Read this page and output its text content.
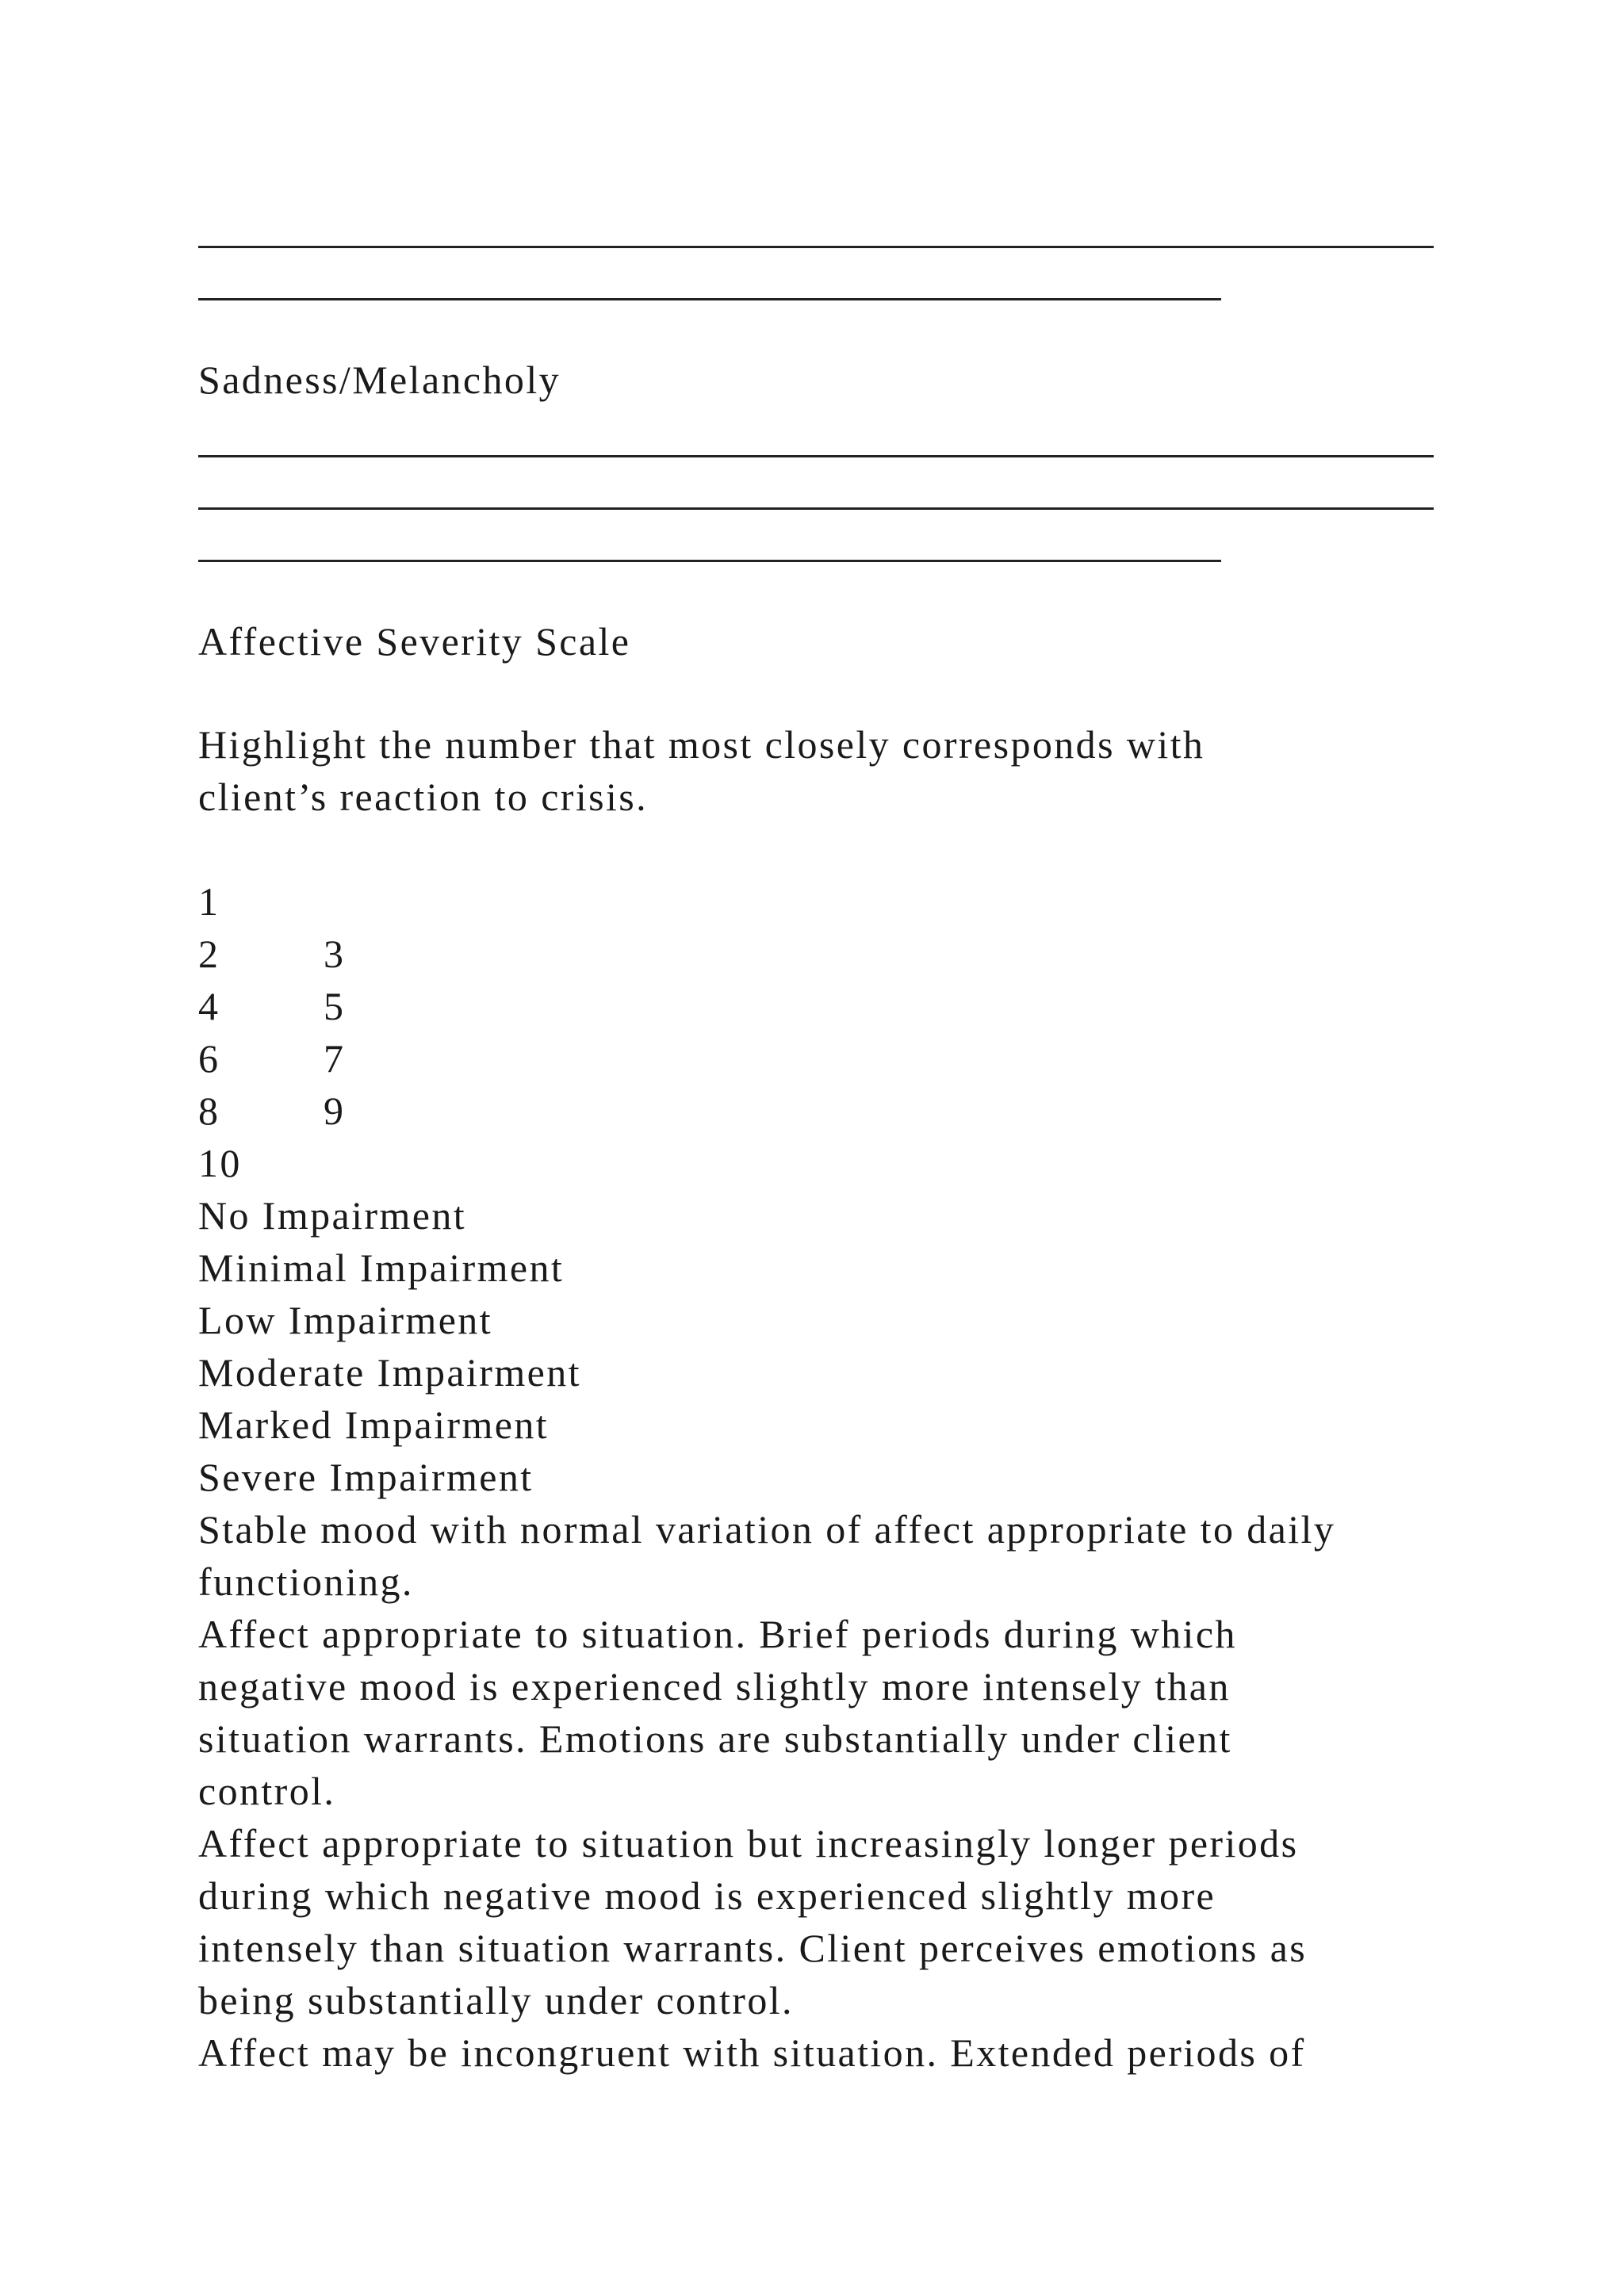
Sadness/Melancholy
Affective Severity Scale
Highlight the number that most closely corresponds with
client’s reaction to crisis.
1
2	3
4	5
6	7
8	9
10
No Impairment
Minimal Impairment
Low Impairment
Moderate Impairment
Marked Impairment
Severe Impairment
Stable mood with normal variation of affect appropriate to daily
functioning.
Affect appropriate to situation. Brief periods during which
negative mood is experienced slightly more intensely than
situation warrants. Emotions are substantially under client
control.
Affect appropriate to situation but increasingly longer periods
during which negative mood is experienced slightly more
intensely than situation warrants. Client perceives emotions as
being substantially under control.
Affect may be incongruent with situation. Extended periods of
